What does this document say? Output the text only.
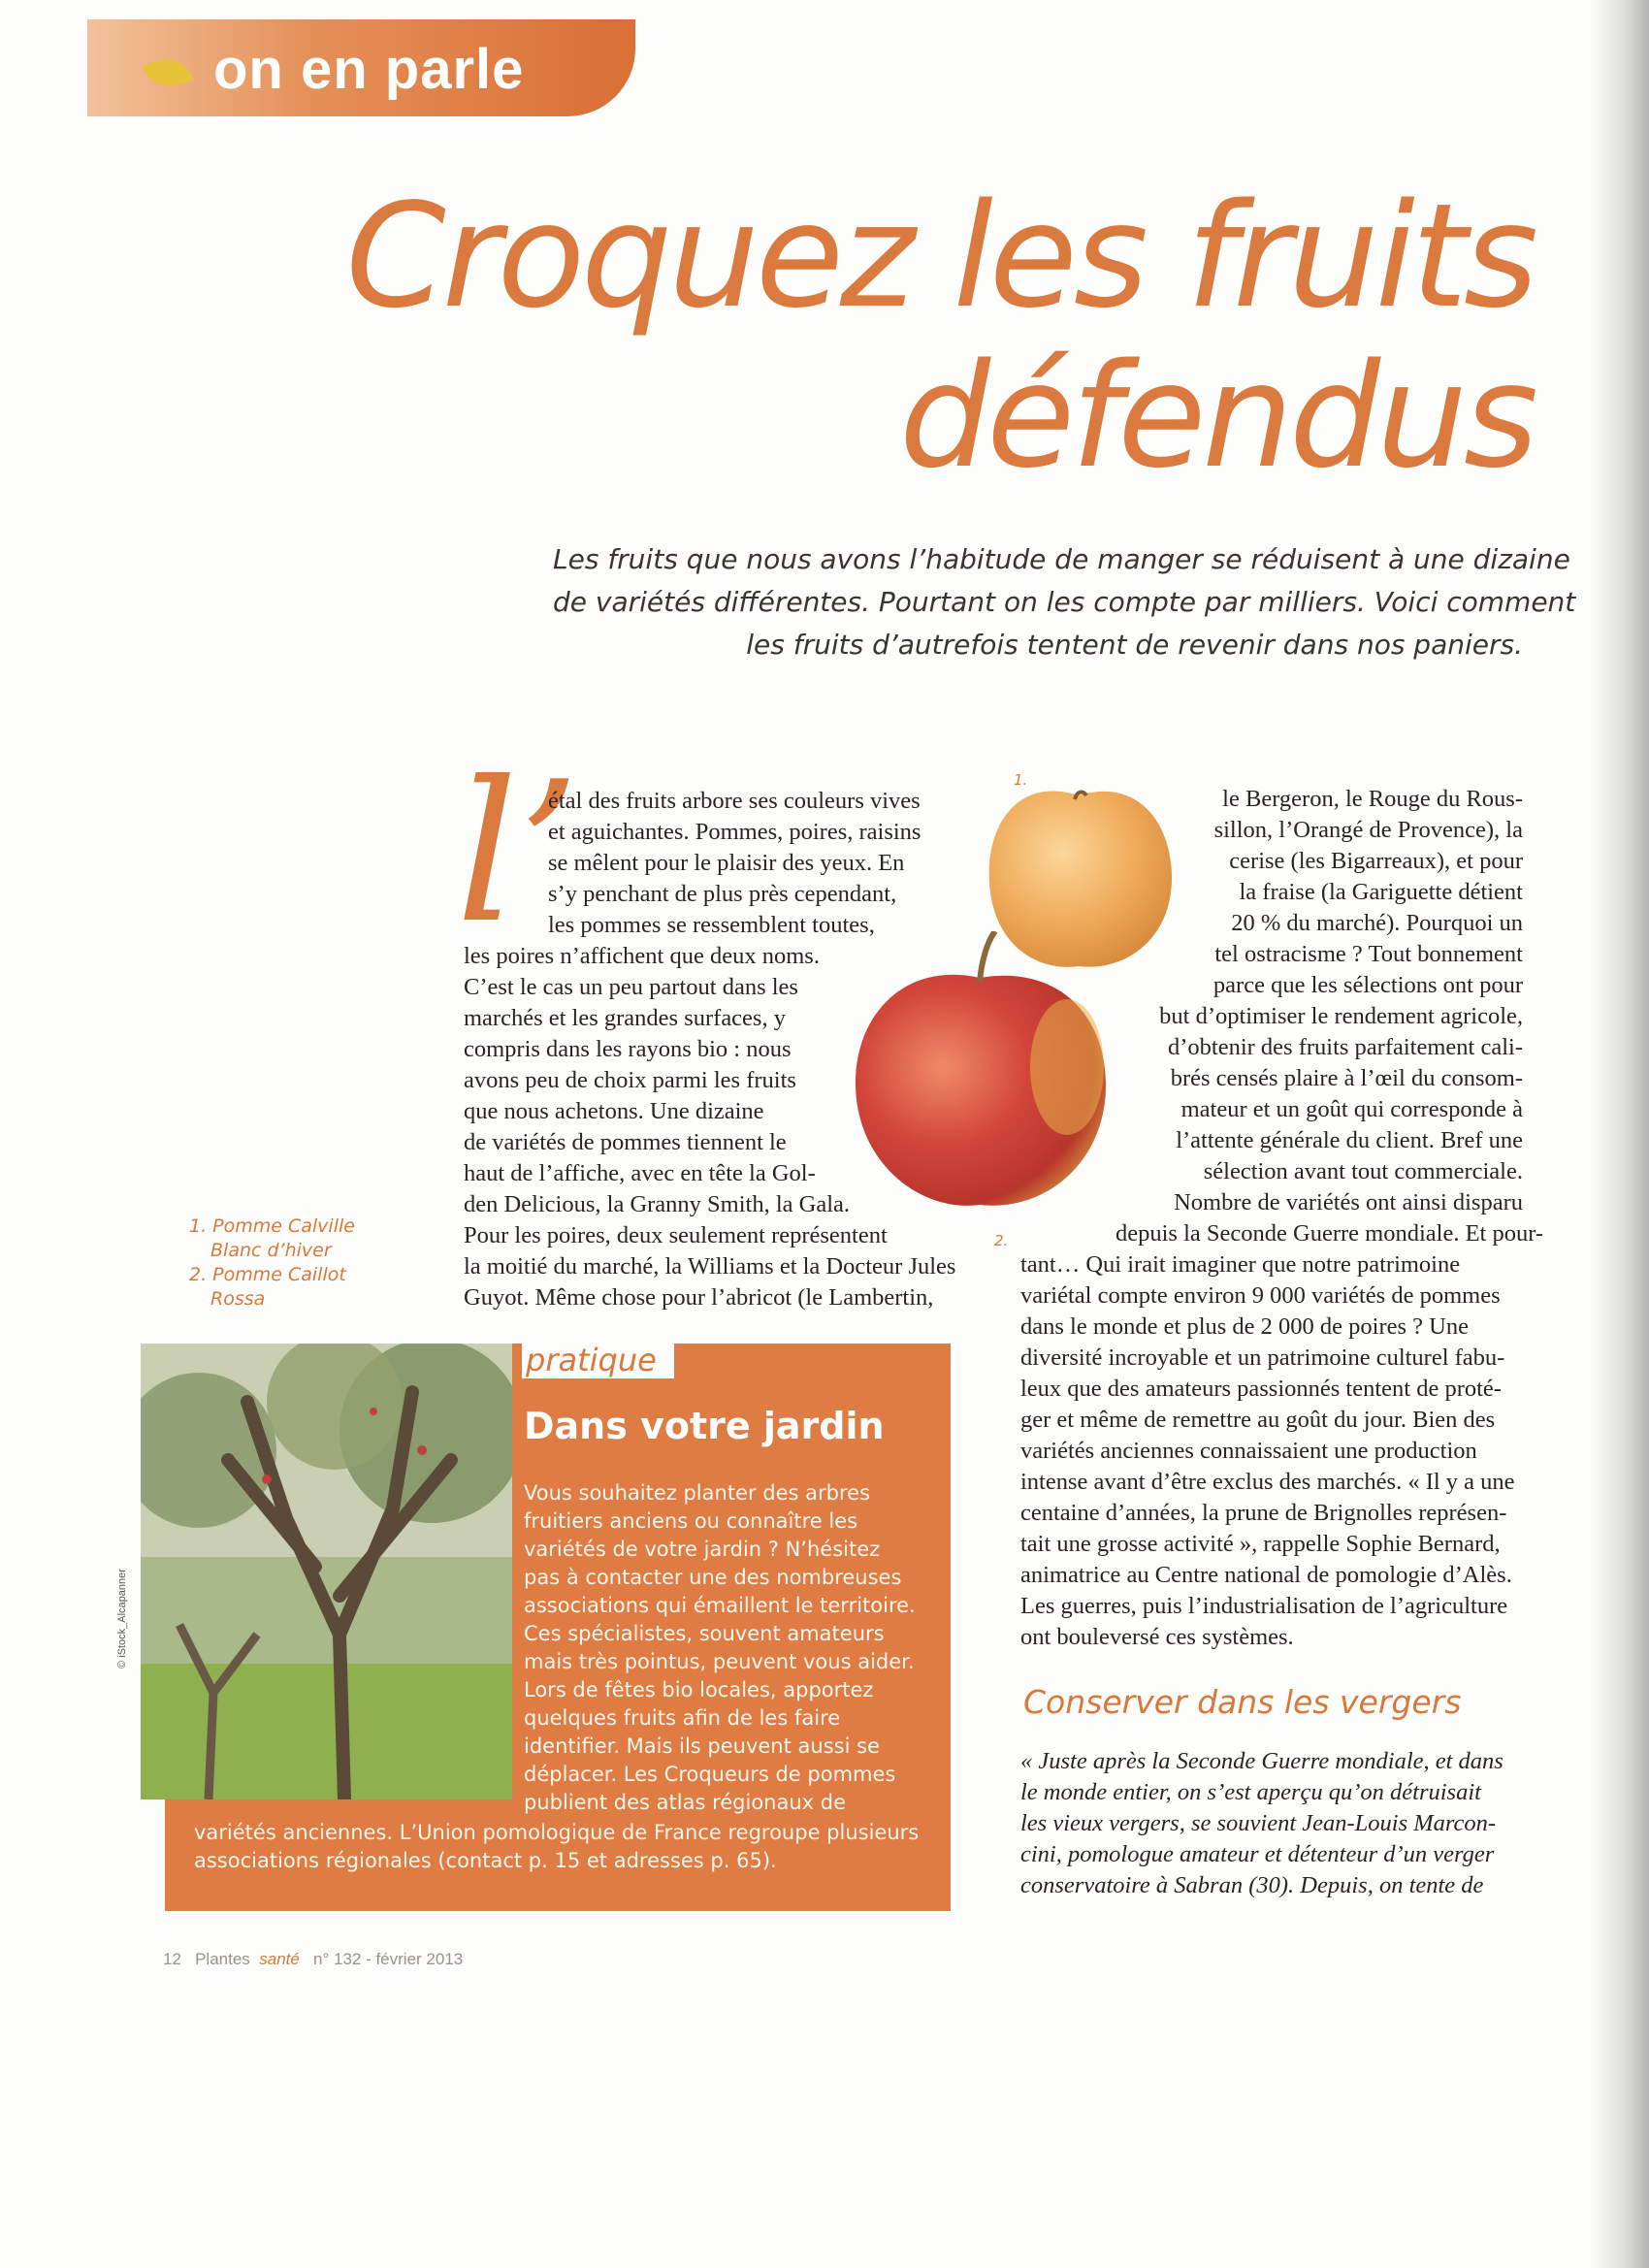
on en parle
Croquez les fruits
défendus
Les fruits que nous avons l’habitude de manger se réduisent à une dizaine
de variétés différentes. Pourtant on les compte par milliers. Voici comment
les fruits d’autrefois tentent de revenir dans nos paniers.
l’
étal des fruits arbore ses couleurs vives
et aguichantes. Pommes, poires, raisins
se mêlent pour le plaisir des yeux. En
s’y penchant de plus près cependant,
les pommes se ressemblent toutes,
les poires n’affichent que deux noms.
C’est le cas un peu partout dans les
marchés et les grandes surfaces, y
compris dans les rayons bio : nous
avons peu de choix parmi les fruits
que nous achetons. Une dizaine
de variétés de pommes tiennent le
haut de l’affiche, avec en tête la Gol-
den Delicious, la Granny Smith, la Gala.
Pour les poires, deux seulement représentent
la moitié du marché, la Williams et la Docteur Jules
Guyot. Même chose pour l’abricot (le Lambertin,
1.
le Bergeron, le Rouge du Rous-
sillon, l’Orangé de Provence), la
cerise (les Bigarreaux), et pour
la fraise (la Gariguette détient
20 % du marché). Pourquoi un
tel ostracisme ? Tout bonnement
parce que les sélections ont pour
but d’optimiser le rendement agricole,
d’obtenir des fruits parfaitement cali-
brés censés plaire à l’œil du consom-
mateur et un goût qui corresponde à
l’attente générale du client. Bref une
sélection avant tout commerciale.
Nombre de variétés ont ainsi disparu
depuis la Seconde Guerre mondiale. Et pour-
2.
tant… Qui irait imaginer que notre patrimoine
variétal compte environ 9 000 variétés de pommes
dans le monde et plus de 2 000 de poires ? Une
diversité incroyable et un patrimoine culturel fabu-
leux que des amateurs passionnés tentent de proté-
ger et même de remettre au goût du jour. Bien des
variétés anciennes connaissaient une production
intense avant d’être exclus des marchés. « Il y a une
centaine d’années, la prune de Brignolles représen-
tait une grosse activité », rappelle Sophie Bernard,
animatrice au Centre national de pomologie d’Alès.
Les guerres, puis l’industrialisation de l’agriculture
ont bouleversé ces systèmes.
1. Pomme Calville
Blanc d’hiver
2. Pomme Caillot
Rossa
© iStock_Alcapanner
pratique
Dans votre jardin
Vous souhaitez planter des arbres
fruitiers anciens ou connaître les
variétés de votre jardin ? N’hésitez
pas à contacter une des nombreuses
associations qui émaillent le territoire.
Ces spécialistes, souvent amateurs
mais très pointus, peuvent vous aider.
Lors de fêtes bio locales, apportez
quelques fruits afin de les faire
identifier. Mais ils peuvent aussi se
déplacer. Les Croqueurs de pommes
publient des atlas régionaux de
variétés anciennes. L’Union pomologique de France regroupe plusieurs
associations régionales (contact p. 15 et adresses p. 65).
Conserver dans les vergers
« Juste après la Seconde Guerre mondiale, et dans
le monde entier, on s’est aperçu qu’on détruisait
les vieux vergers, se souvient Jean-Louis Marcon-
cini, pomologue amateur et détenteur d’un verger
conservatoire à Sabran (30). Depuis, on tente de
12 Plantes santé n° 132 - février 2013
